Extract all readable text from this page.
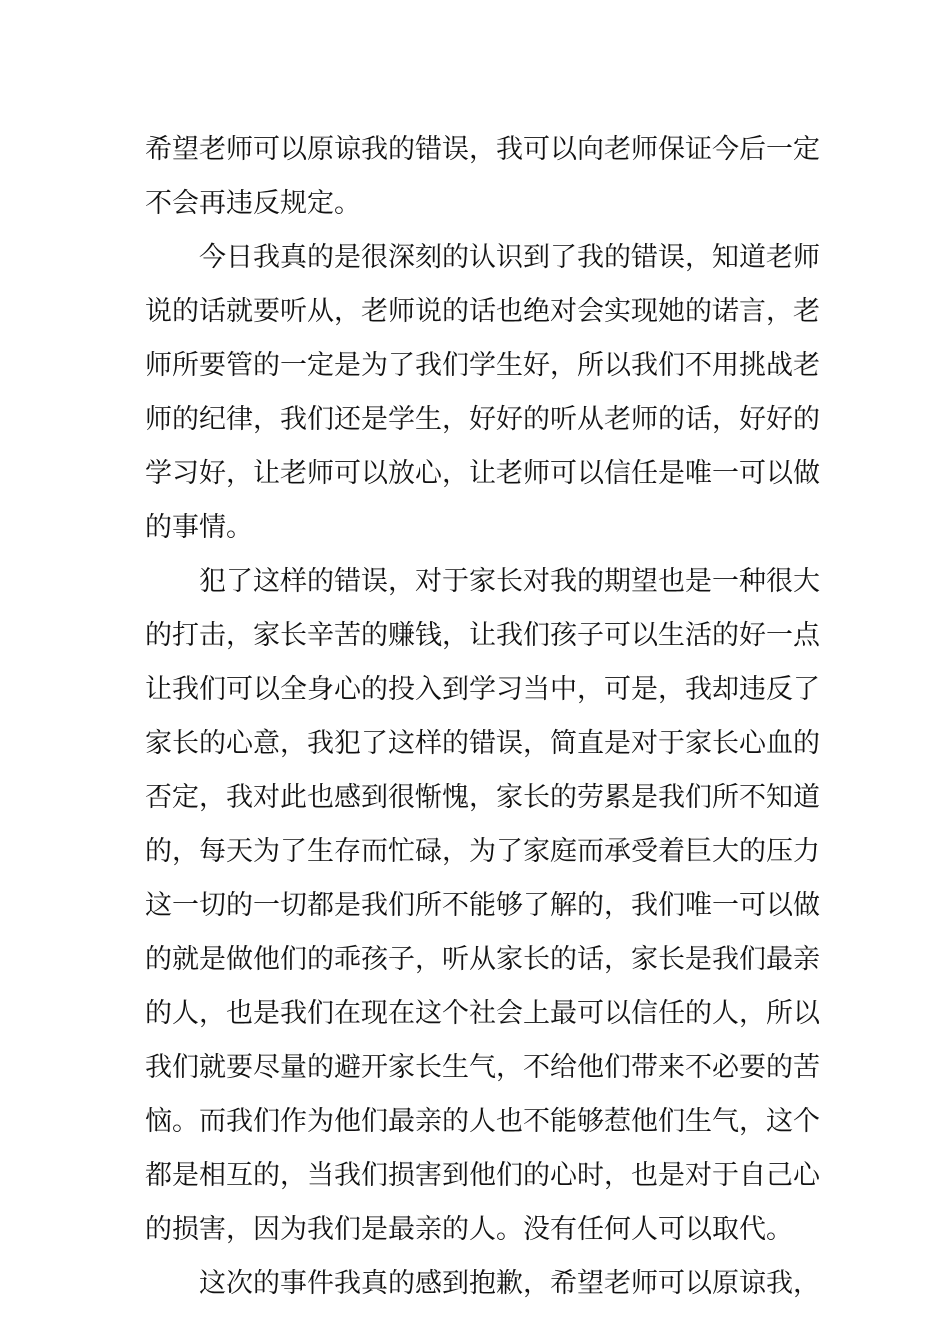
希望老师可以原谅我的错误，我可以向老师保证今后一定
不会再违反规定。
今日我真的是很深刻的认识到了我的错误，知道老师
说的话就要听从，老师说的话也绝对会实现她的诺言，老
师所要管的一定是为了我们学生好，所以我们不用挑战老
师的纪律，我们还是学生，好好的听从老师的话，好好的
学习好，让老师可以放心，让老师可以信任是唯一可以做
的事情。
犯了这样的错误，对于家长对我的期望也是一种很大
的打击，家长辛苦的赚钱，让我们孩子可以生活的好一点
让我们可以全身心的投入到学习当中，可是，我却违反了
家长的心意，我犯了这样的错误，简直是对于家长心血的
否定，我对此也感到很惭愧，家长的劳累是我们所不知道
的，每天为了生存而忙碌，为了家庭而承受着巨大的压力
这一切的一切都是我们所不能够了解的，我们唯一可以做
的就是做他们的乖孩子，听从家长的话，家长是我们最亲
的人，也是我们在现在这个社会上最可以信任的人，所以
我们就要尽量的避开家长生气，不给他们带来不必要的苦
恼。而我们作为他们最亲的人也不能够惹他们生气，这个
都是相互的，当我们损害到他们的心时，也是对于自己心
的损害，因为我们是最亲的人。没有任何人可以取代。
这次的事件我真的感到抱歉，希望老师可以原谅我，
